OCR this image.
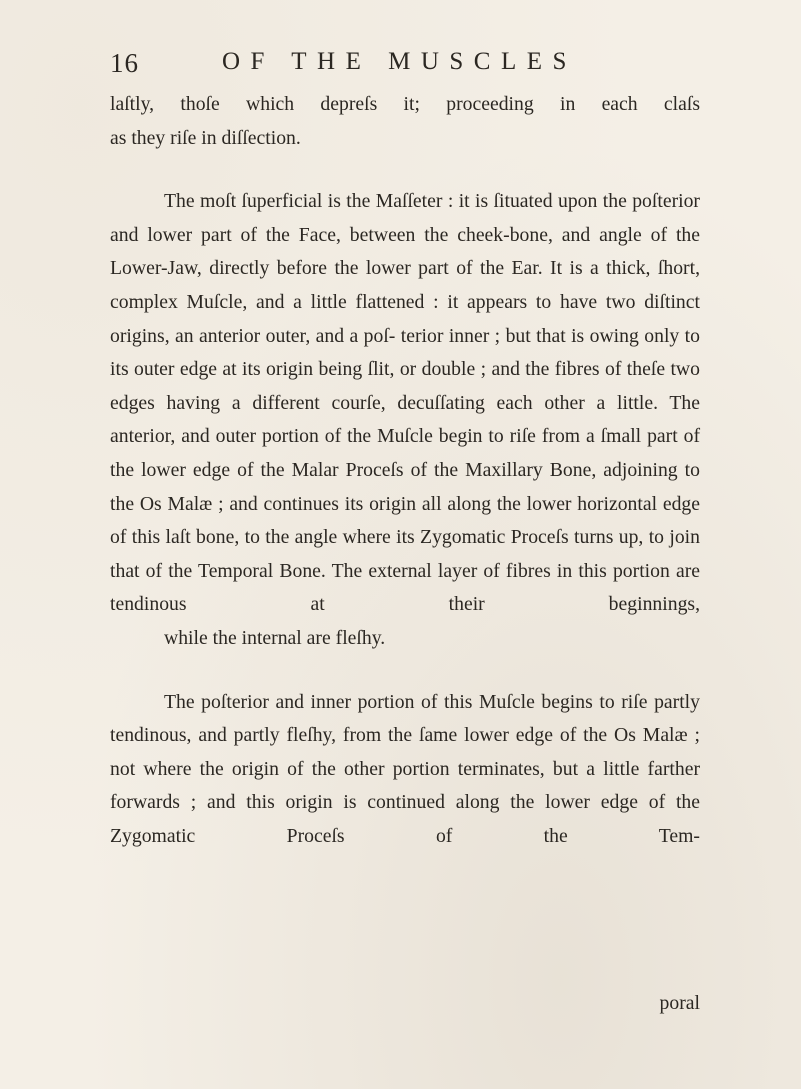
16	OF THE MUSCLES

laſtly, thoſe which depreſs it; proceeding in each claſs
as they riſe in diſſection.

The moſt ſuperficial is the Maſſeter : it is ſituated upon the poſterior and lower part of the Face, between the cheek-bone, and angle of the Lower-Jaw, directly before the lower part of the Ear. It is a thick, ſhort, complex Muſcle, and a little flattened : it appears to have two diſtinct origins, an anterior outer, and a poſ- terior inner ; but that is owing only to its outer edge at its origin being ſlit, or double ; and the fibres of theſe two edges having a different courſe, decuſſating each other a little. The anterior, and outer portion of the Muſcle begin to riſe from a ſmall part of the lower edge of the Malar Proceſs of the Maxillary Bone, adjoining to the Os Malæ ; and continues its origin all along the lower horizontal edge of this laſt bone, to the angle where its Zygomatic Proceſs turns up, to join that of the Temporal Bone. The external layer of fibres in this portion are tendinous at their beginnings,
while the internal are fleſhy.

The poſterior and inner portion of this Muſcle begins to riſe partly tendinous, and partly fleſhy, from the ſame lower edge of the Os Malæ ; not where the origin of the other portion terminates, but a little farther forwards ; and this origin is continued along the lower edge of the Zygomatic Proceſs of the Tem-

poral
